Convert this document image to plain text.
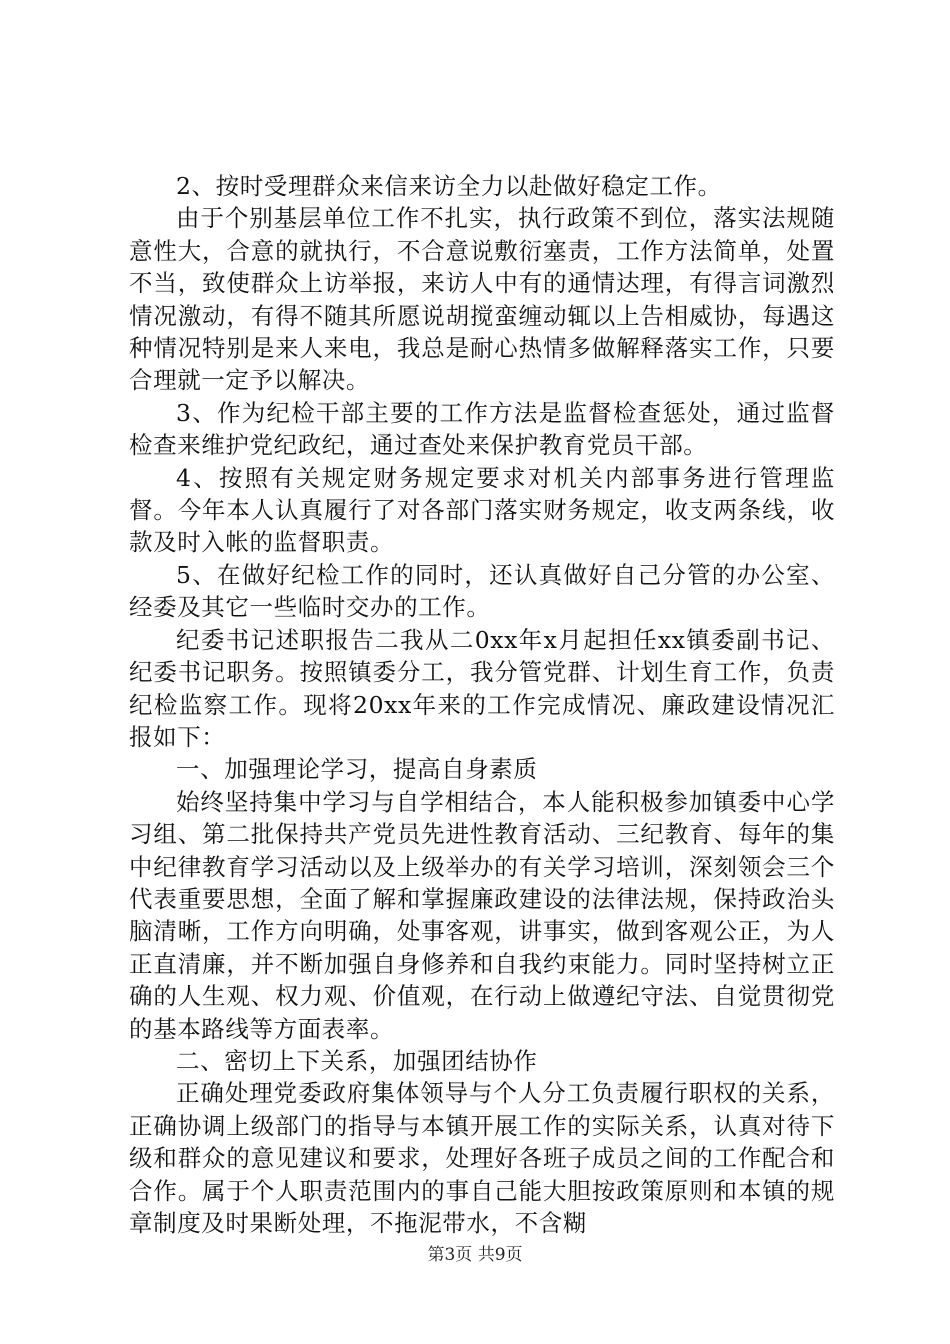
2、按时受理群众来信来访全力以赴做好稳定工作。

由于个别基层单位工作不扎实，执行政策不到位，落实法规随意性大，合意的就执行，不合意说敷衍塞责，工作方法简单，处置不当，致使群众上访举报，来访人中有的通情达理，有得言词激烈情况激动，有得不随其所愿说胡搅蛮缠动辄以上告相威协，每遇这种情况特别是来人来电，我总是耐心热情多做解释落实工作，只要合理就一定予以解决。

3、作为纪检干部主要的工作方法是监督检查惩处，通过监督检查来维护党纪政纪，通过查处来保护教育党员干部。

4、按照有关规定财务规定要求对机关内部事务进行管理监督。今年本人认真履行了对各部门落实财务规定，收支两条线，收款及时入帐的监督职责。

5、在做好纪检工作的同时，还认真做好自己分管的办公室、经委及其它一些临时交办的工作。

纪委书记述职报告二我从二0xx年x月起担任xx镇委副书记、纪委书记职务。按照镇委分工，我分管党群、计划生育工作，负责纪检监察工作。现将20xx年来的工作完成情况、廉政建设情况汇报如下：

一、加强理论学习，提高自身素质

始终坚持集中学习与自学相结合，本人能积极参加镇委中心学习组、第二批保持共产党员先进性教育活动、三纪教育、每年的集中纪律教育学习活动以及上级举办的有关学习培训，深刻领会三个代表重要思想，全面了解和掌握廉政建设的法律法规，保持政治头脑清晰，工作方向明确，处事客观，讲事实，做到客观公正，为人正直清廉，并不断加强自身修养和自我约束能力。同时坚持树立正确的人生观、权力观、价值观，在行动上做遵纪守法、自觉贯彻党的基本路线等方面表率。

二、密切上下关系，加强团结协作

正确处理党委政府集体领导与个人分工负责履行职权的关系，正确协调上级部门的指导与本镇开展工作的实际关系，认真对待下级和群众的意见建议和要求，处理好各班子成员之间的工作配合和合作。属于个人职责范围内的事自己能大胆按政策原则和本镇的规章制度及时果断处理，不拖泥带水，不含糊

第3页 共9页
